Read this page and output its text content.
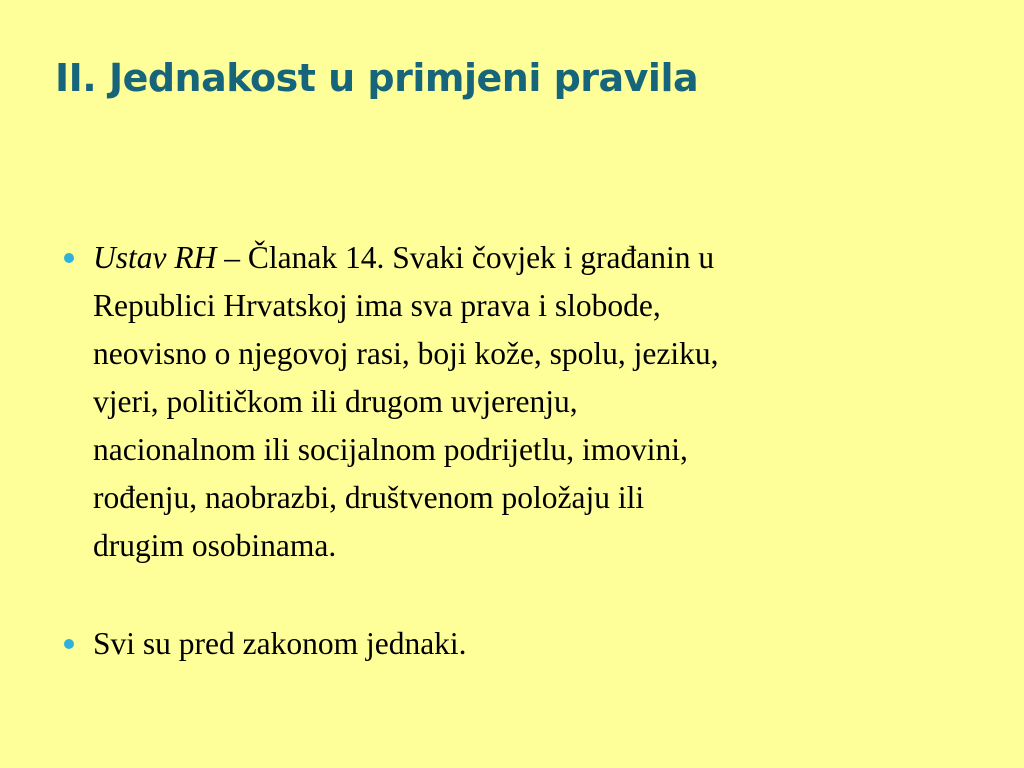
II. Jednakost u primjeni pravila
Ustav RH – Članak 14. Svaki čovjek i građanin u
Republici Hrvatskoj ima sva prava i slobode,
neovisno o njegovoj rasi, boji kože, spolu, jeziku,
vjeri, političkom ili drugom uvjerenju,
nacionalnom ili socijalnom podrijetlu, imovini,
rođenju, naobrazbi, društvenom položaju ili
drugim osobinama.
Svi su pred zakonom jednaki.
